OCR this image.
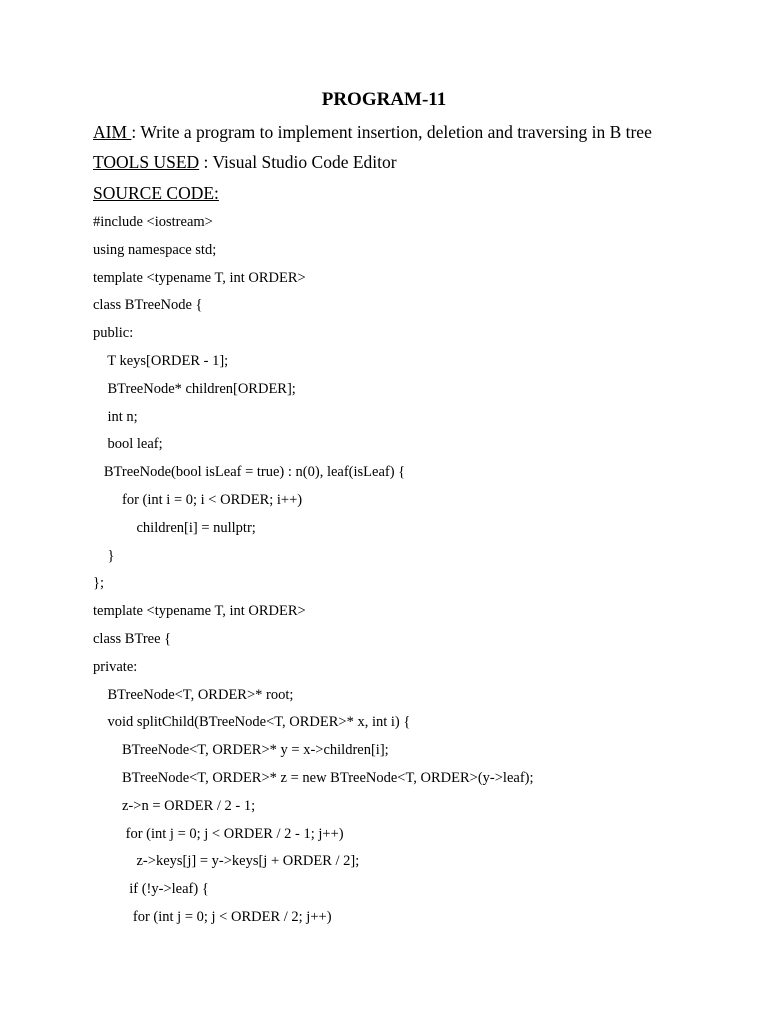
PROGRAM-11
AIM : Write a program to implement insertion, deletion and traversing in B tree
TOOLS USED : Visual Studio Code Editor
SOURCE CODE:
#include <iostream>
using namespace std;
template <typename T, int ORDER>
class BTreeNode {
public:
T keys[ORDER - 1];
BTreeNode* children[ORDER];
int n;
bool leaf;
BTreeNode(bool isLeaf = true) : n(0), leaf(isLeaf) {
for (int i = 0; i < ORDER; i++)
children[i] = nullptr;
}
};
template <typename T, int ORDER>
class BTree {
private:
BTreeNode<T, ORDER>* root;
void splitChild(BTreeNode<T, ORDER>* x, int i) {
BTreeNode<T, ORDER>* y = x->children[i];
BTreeNode<T, ORDER>* z = new BTreeNode<T, ORDER>(y->leaf);
z->n = ORDER / 2 - 1;
for (int j = 0; j < ORDER / 2 - 1; j++)
z->keys[j] = y->keys[j + ORDER / 2];
if (!y->leaf) {
for (int j = 0; j < ORDER / 2; j++)
